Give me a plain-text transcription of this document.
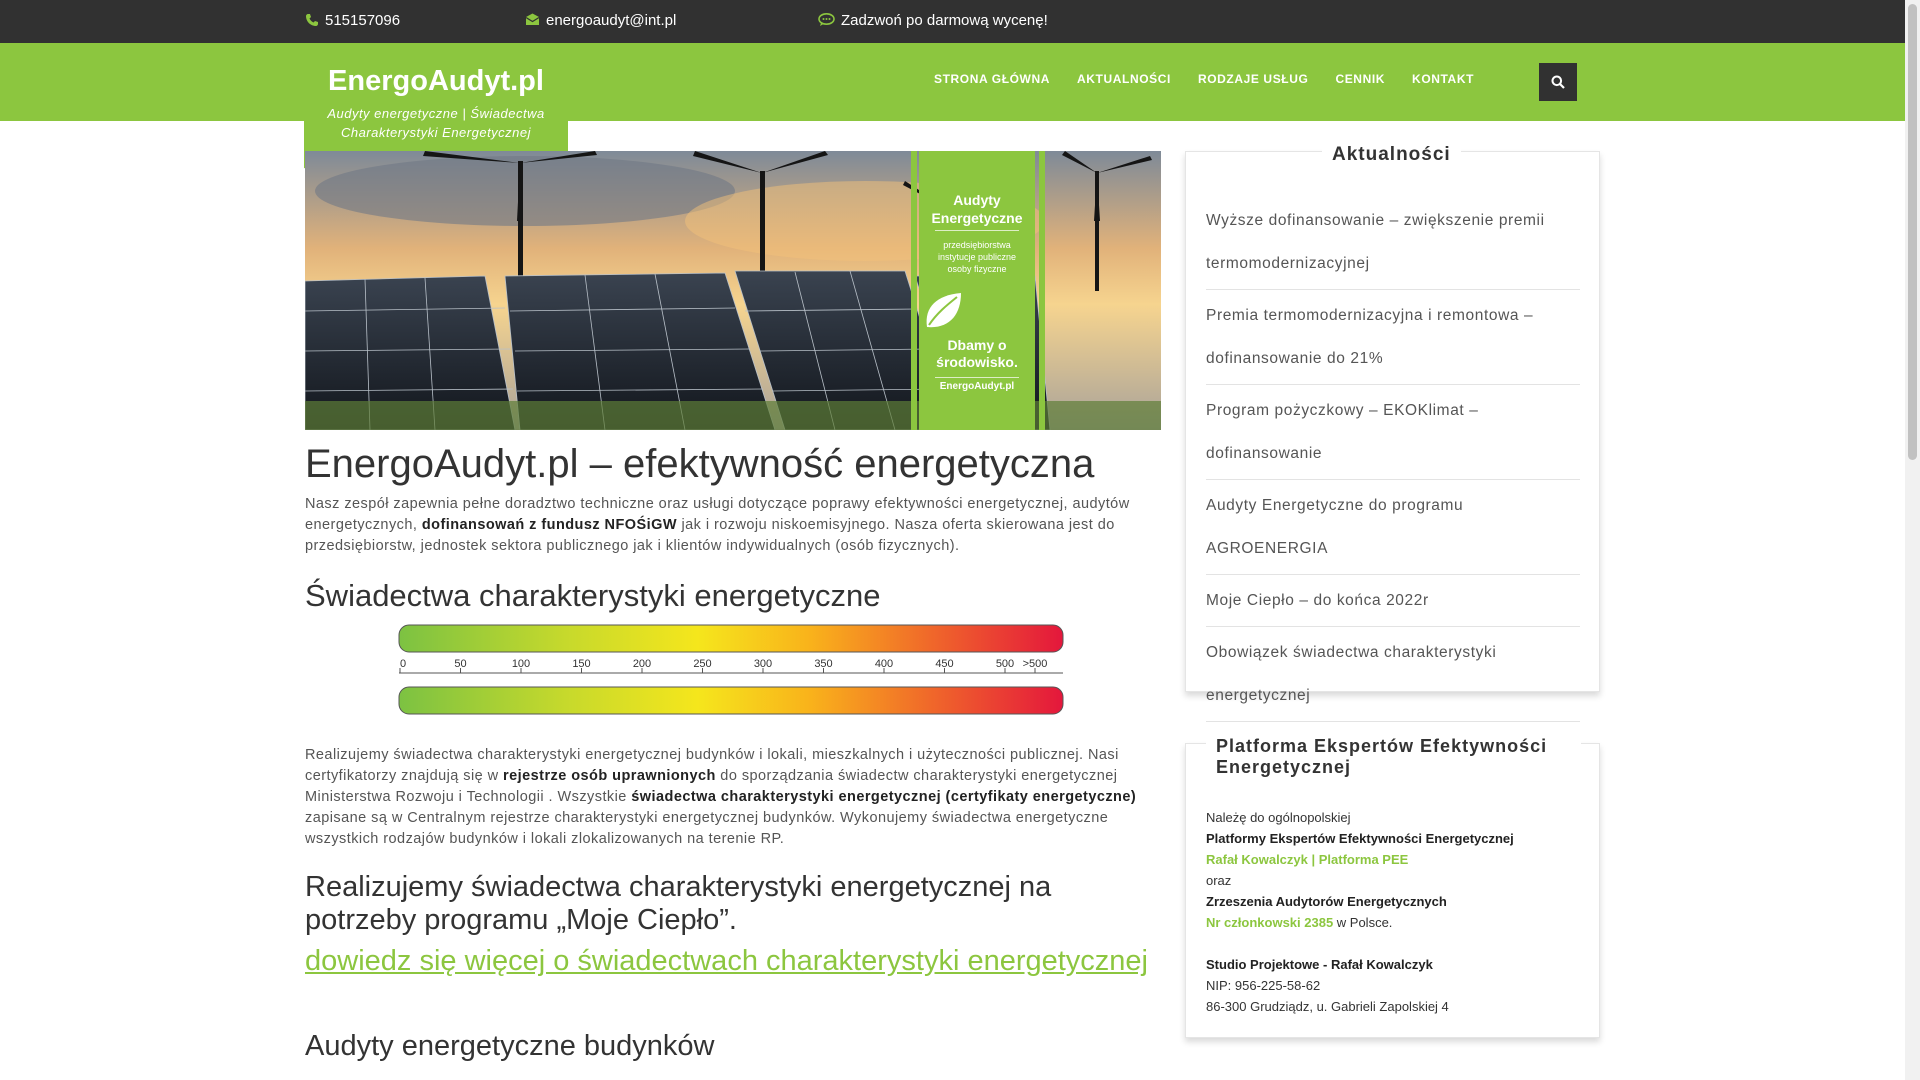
515157096	energoaudyt@int.pl	Zadzwoń po darmową wycenę!
STRONA GŁÓWNA AKTUALNOŚCI RODZAJE USŁUG CENNIK KONTAKT
EnergoAudyt.pl
Audyty energetyczne | Świadectwa Charakterystyki Energetycznej
Audyty
Energetyczne
przedsiębiorstwa
instytucje publiczne
osoby fizyczne
Dbamy o
środowisko.
EnergoAudyt.pl
EnergoAudyt.pl – efektywność energetyczna

Nasz zespół zapewnia pełne doradztwo techniczne oraz usługi dotyczące poprawy efektywności energetycznej, audytów energetycznych, dofinansowań z fundusz NFOŚiGW jak i rozwoju niskoemisyjnego. Nasza oferta skierowana jest do przedsiębiorstw, jednostek sektora publicznego jak i klientów indywidualnych (osób fizycznych).

Świadectwa charakterystyki energetyczne
0	50	100	150	200	250	300	350	400	450	500 >500

Realizujemy świadectwa charakterystyki energetycznej budynków i lokali, mieszkalnych i użyteczności publicznej. Nasi certyfikatorzy znajdują się w rejestrze osób uprawnionych do sporządzania świadectw charakterystyki energetycznej Ministerstwa Rozwoju i Technologii . Wszystkie świadectwa charakterystyki energetycznej (certyfikaty energetyczne) zapisane są w Centralnym rejestrze charakterystyki energetycznej budynków. Wykonujemy świadectwa energetyczne wszystkich rodzajów budynków i lokali zlokalizowanych na terenie RP.

Realizujemy świadectwa charakterystyki energetycznej na potrzeby programu „Moje Ciepło”.
dowiedz się więcej o świadectwach charakterystyki energetycznej
Audyty energetyczne budynków
Aktualności
Wyższe dofinansowanie – zwiększenie premii termomodernizacyjnej
Premia termomodernizacyjna i remontowa – dofinansowanie do 21%
Program pożyczkowy – EKOKlimat – dofinansowanie
Audyty Energetyczne do programu AGROENERGIA
Moje Ciepło – do końca 2022r
Obowiązek świadectwa charakterystyki energetycznej
Platforma Ekspertów Efektywności Energetycznej
Należę do ogólnopolskiej
Platformy Ekspertów Efektywności Energetycznej
Rafał Kowalczyk | Platforma PEE
oraz
Zrzeszenia Audytorów Energetycznych
Nr członkowski 2385 w Polsce.
Studio Projektowe - Rafał Kowalczyk
NIP: 956-225-58-62
86-300 Grudziądz, u. Gabrieli Zapolskiej 4
